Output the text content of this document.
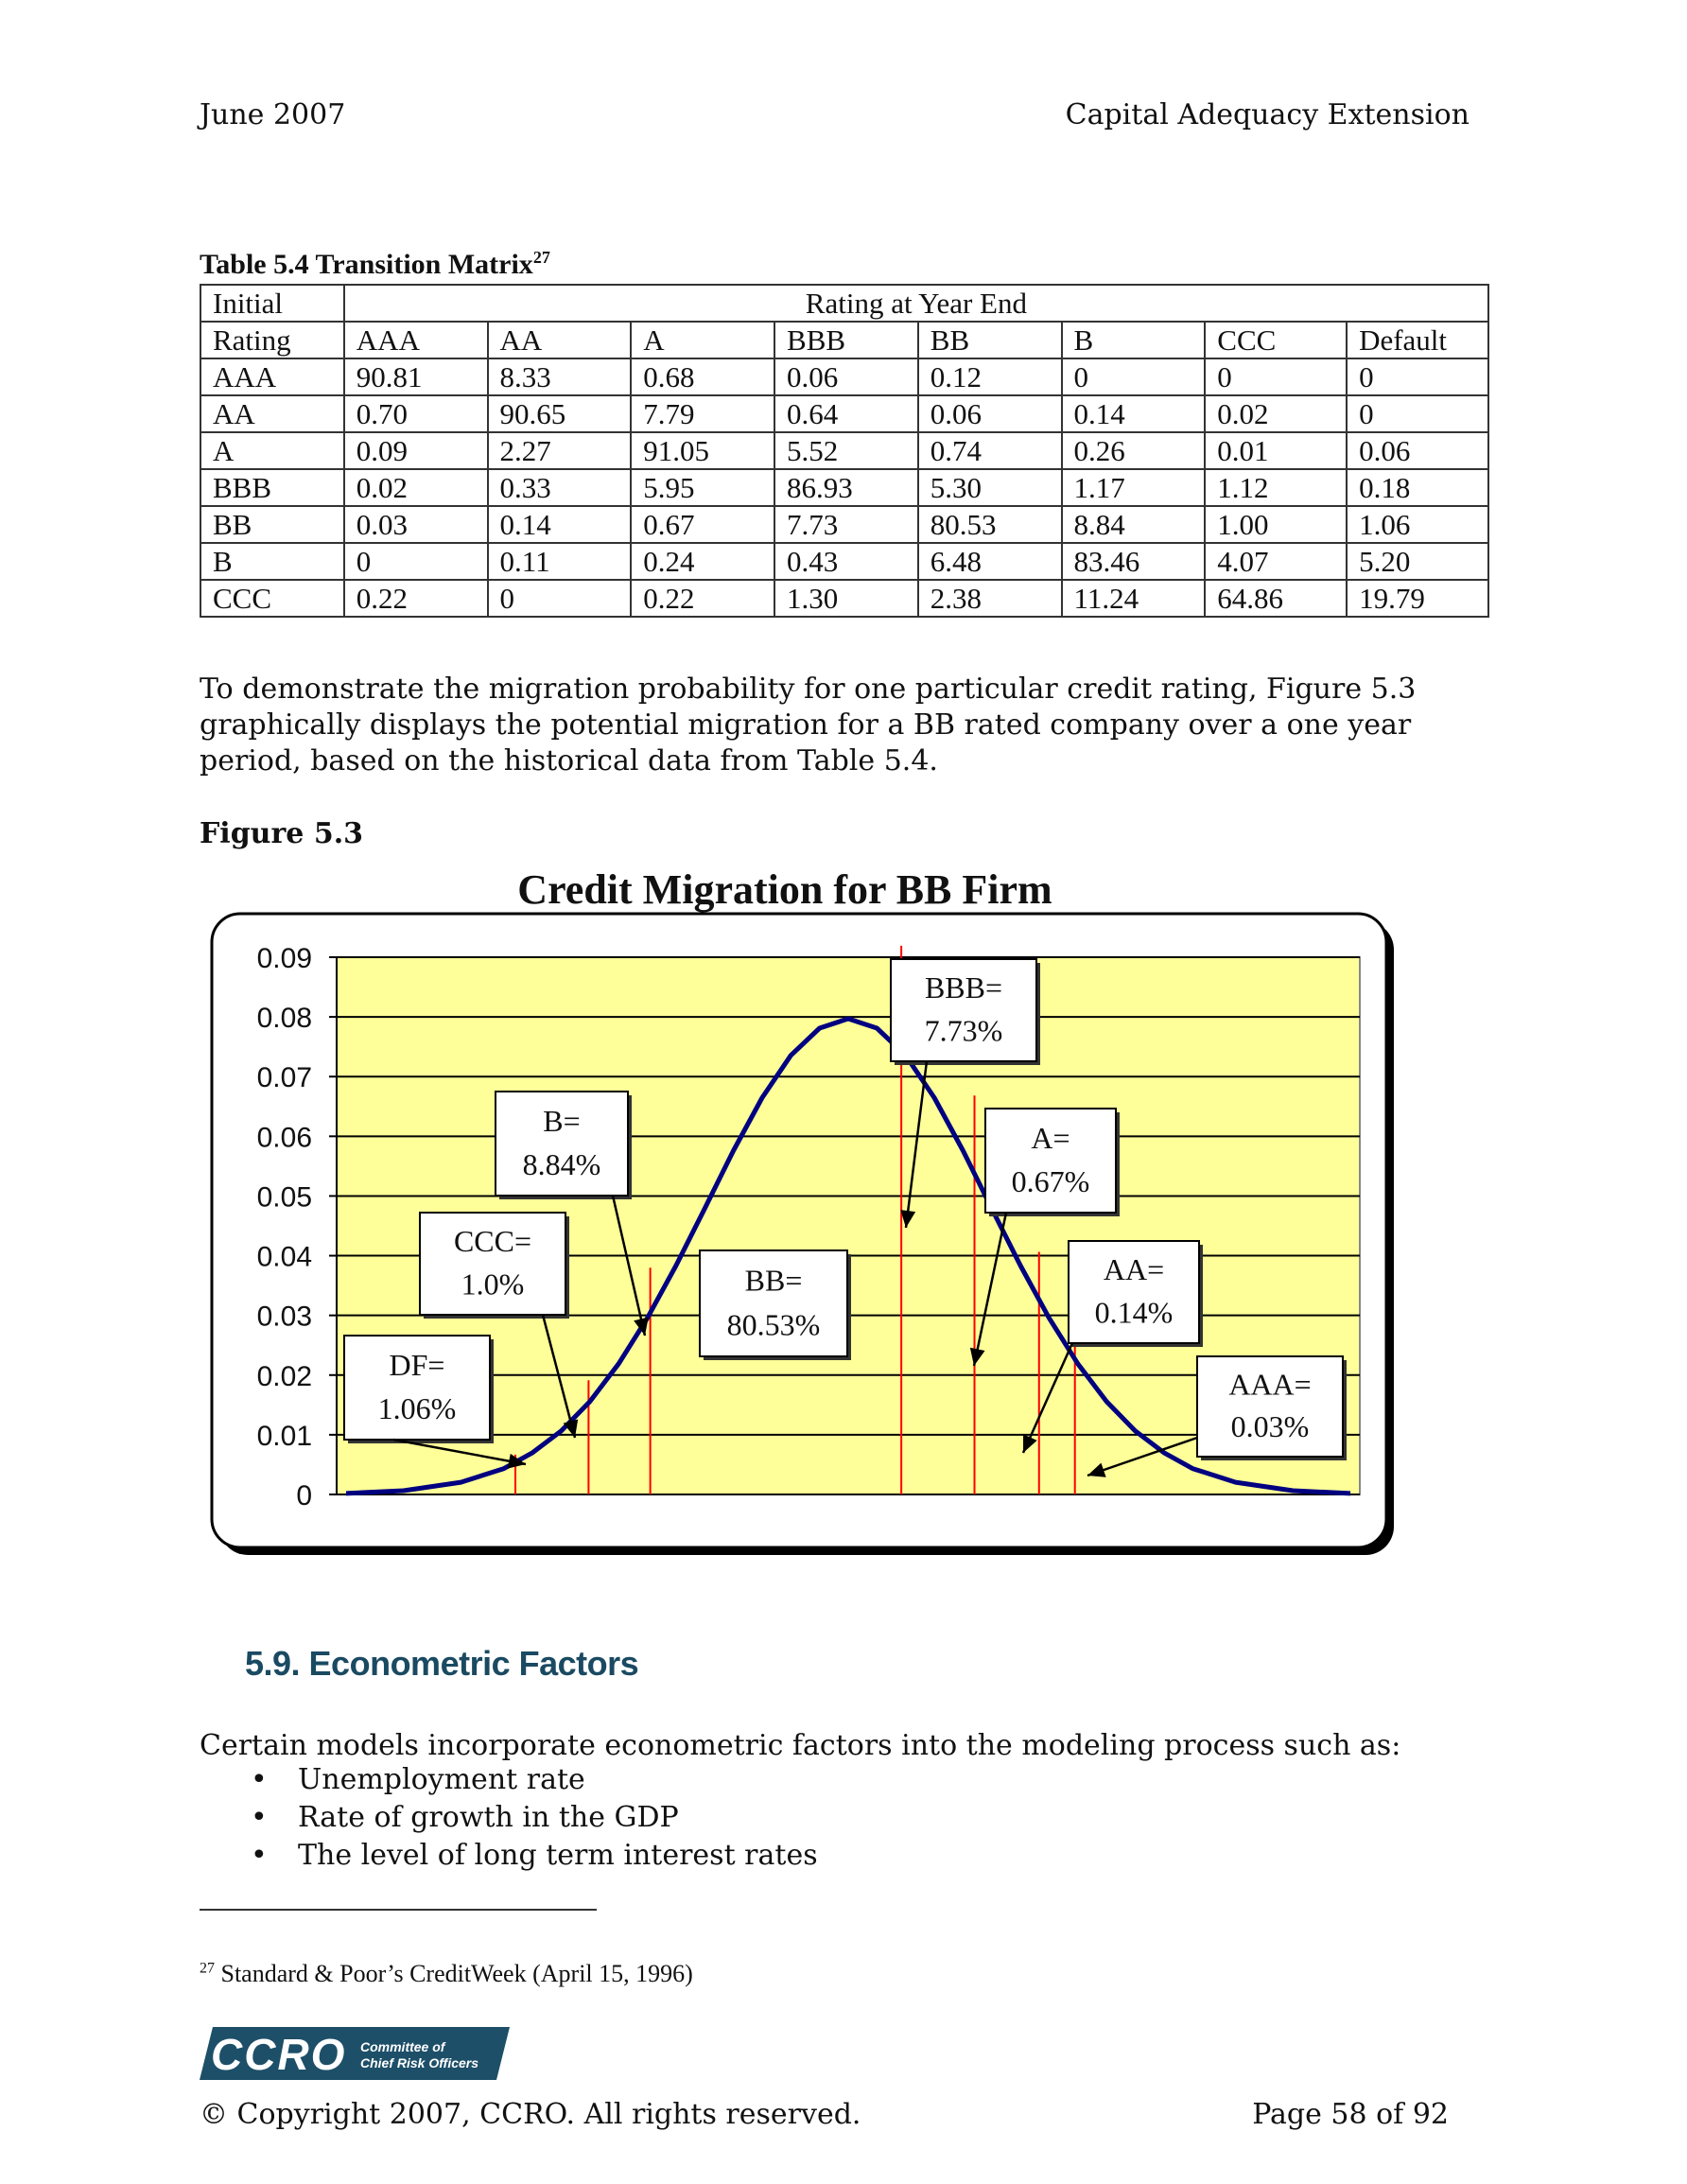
June 2007	Capital Adequacy Extension
Table 5.4 Transition Matrix$^{27}$
Initial	Rating at Year End							
Rating	AAA	AA	A	BBB	BB	B	CCC	Default
AAA	90.81	8.33	0.68	0.06	0.12	0	0	0
AA	0.70	90.65	7.79	0.64	0.06	0.14	0.02	0
A	0.09	2.27	91.05	5.52	0.74	0.26	0.01	0.06
BBB	0.02	0.33	5.95	86.93	5.30	1.17	1.12	0.18
BB	0.03	0.14	0.67	7.73	80.53	8.84	1.00	1.06
B	0	0.11	0.24	0.43	6.48	83.46	4.07	5.20
CCC	0.22	0	0.22	1.30	2.38	11.24	64.86	19.79
To demonstrate the migration probability for one particular credit rating, Figure 5.3 graphically displays the potential migration for a BB rated company over a one year period, based on the historical data from Table 5.4.
Figure 5.3
Credit Migration for BB Firm
0.09
0.08
0.07
0.06
0.05
0.04
0.03
0.02
0.01
0
DF=
1.06%
CCC=
1.0%
B=
8.84%
BB=
80.53%
BBB=
7.73%
A=
0.67%
AA=
0.14%
AAA=
0.03%
5.9. Econometric Factors
Certain models incorporate econometric factors into the modeling process such as:
• Unemployment rate
• Rate of growth in the GDP
• The level of long term interest rates
$^{27}$ Standard & Poor’s CreditWeek (April 15, 1996)
CCRO Committee of
Chief Risk Officers
© Copyright 2007, CCRO. All rights reserved.	Page 58 of 92
